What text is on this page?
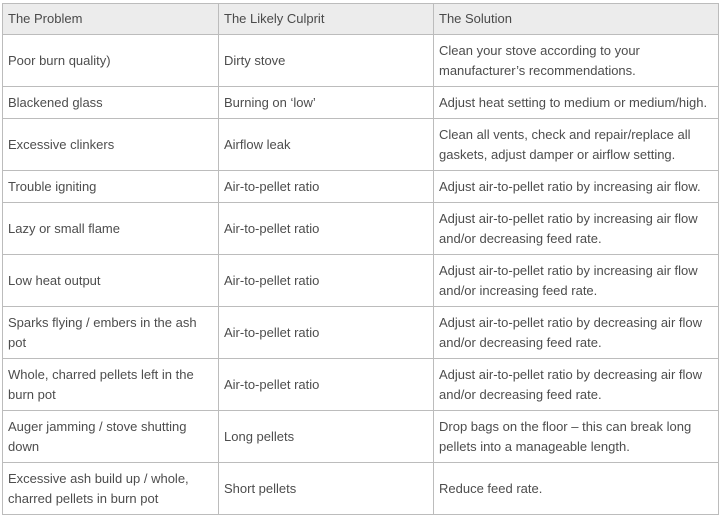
The Problem	The Likely Culprit	The Solution
Poor burn quality)	Dirty stove	Clean your stove according to your manufacturer’s recommendations.
Blackened glass	Burning on ‘low’	Adjust heat setting to medium or medium/high.
Excessive clinkers	Airflow leak	Clean all vents, check and repair/replace all gaskets, adjust damper or airflow setting.
Trouble igniting	Air-to-pellet ratio	Adjust air-to-pellet ratio by increasing air flow.
Lazy or small flame	Air-to-pellet ratio	Adjust air-to-pellet ratio by increasing air flow and/or decreasing feed rate.
Low heat output	Air-to-pellet ratio	Adjust air-to-pellet ratio by increasing air flow and/or increasing feed rate.
Sparks flying / embers in the ash pot	Air-to-pellet ratio	Adjust air-to-pellet ratio by decreasing air flow and/or decreasing feed rate.
Whole, charred pellets left in the burn pot	Air-to-pellet ratio	Adjust air-to-pellet ratio by decreasing air flow and/or decreasing feed rate.
Auger jamming / stove shutting down	Long pellets	Drop bags on the floor – this can break long pellets into a manageable length.
Excessive ash build up / whole, charred pellets in burn pot	Short pellets	Reduce feed rate.
